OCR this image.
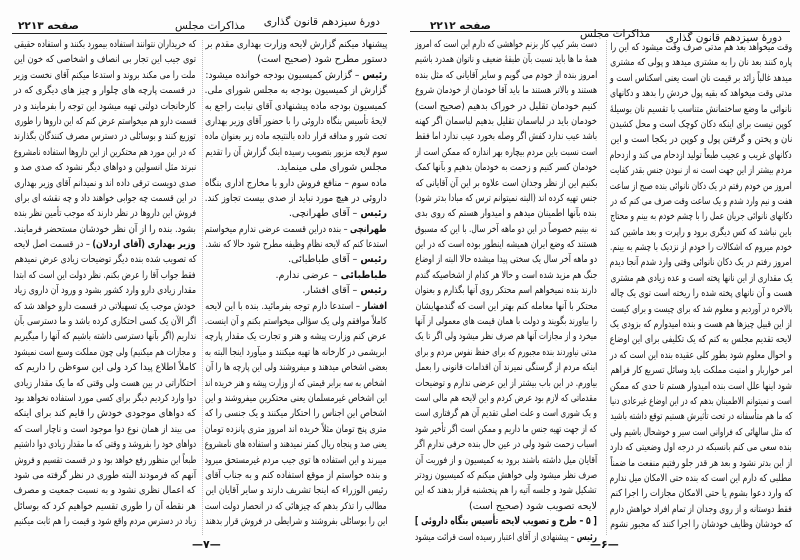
صفحه ۲۲۱۳	مذاکرات مجلس دورهٔ سیزدهم قانون گذاری
پیشنهاد میکنم گزارش لایحه وزارت بهداری مقدم بر
دستور مطرح شود (صحیح است)
رئیس – گزارش کمیسیون بودجه خوانده میشود:
گزارش از کمیسیون بودجه به مجلس شورای ملی.
کمیسیون بودجه ماده پیشنهادی آقای نیابت راجع به
لایحهٔ تأسیس بنگاه داروئی را با حضور آقای وزیر بهداری
تحت شور و مداقه قرار داده بالنتیجه ماده زیر بعنوان ماده
سوم لایحه مزبور بتصویب رسیده اینک گزارش آن را تقدیم
مجلس شورای ملی مینماید.
ماده سوم – منافع فروش دارو با مخارج اداری بنگاه
داروئی در هیچ مورد نباید از صدی بیست تجاوز کند.
رئیس – آقای طهرانچی.
طهرانچی – بنده دراین قسمت عرضی ندارم میخواستم
استدعا کنم که لایحه نظام وظیفه مطرح شود حالا که نشد.
رئیس – آقای طباطبائی.
طباطبائی – عرضی ندارم.
رئیس – آقای افشار.
افشار – استدعا دارم توجه بفرمائید. بنده با این لایحه
کاملاً موافقم ولی یک سؤالی میخواستم بکنم و آن اینست.
عرض کنم وزارت پیشه و هنر و تجارت یک مقدار پارچه
ابریشمی در کارخانه ها تهیه میکنند و میآورد اینجا البته به
بعضی اشخاص میدهند و میفروشند ولی این پارچه ها را آن
اشخاص به سه برابر قیمتی که از وزارت پیشه و هنر خریده اند
این اشخاص غیرمسلمان یعنی محتکرین میفروشند و این
اشخاص این اجناس را احتکار میکنند و یک جنسی را که
متری پنج تومان مثلاً خریده اند امروز متری پانزده تومان
یعنی صد و پنجاه ریال کمتر نمیدهند و استفاده های نامشروع
میبرند و این استفاده ها توی جیب مردم غیرمستحق میرود
و بنده خواستم از موقع استفاده کنم و به جناب آقای
رئیس الوزراء که اینجا تشریف دارند و سایر آقایان این
مطالب را تذکر بدهم که چیزهائی که در انحصار دولت است
این را بوسائلی بفروشند و شرایطی در فروش قرار بدهند
که خریداران نتوانند استفاده بیمورد بکنند و استفاده حقیقی
توی جیب این تجار بی انصاف و اشخاصی که خون این
ملت را می مکند بروند و استدعا میکنم آقای نخست وزیر
در قسمت پارچه های چلوار و چیز های دیگری که در
کارخانجات دولتی تهیه میشود این توجه را بفرمایند و در
قسمت دارو هم میخواستم عرض کنم که این داروها را طوری
توزیع کنند و بوسائلی در دسترس مصرف کنندگان بگذارند
که در این مورد هم محتکرین از این داروها استفاده نامشروع
نبرند مثل انسولین و دواهای دیگر نشود که صدی صد و
صدی دویست ترقی داده اند و نمیدانم آقای وزیر بهداری
در این قسمت چه جوابی خواهند داد و چه نقشه ای برای
فروش این داروها در نظر دارند که موجب تأمین نظر بنده
بشود. بنده را از آن نظر خودشان مستحضر فرمایند.
وزیر بهداری (آقای اردلان) – در قسمت اصل لایحه
که تصویب شده بنده دیگر توضیحات زیادی عرض نمیدهم
فقط جواب آقا را عرض بکنم. نظر دولت این است که ابتدا
مقدار زیادی دارو وارد کشور بشود و ورود آن داروی زیاد
خودش موجب یک تسهیلاتی در قسمت دارو خواهد شد که
اگر الآن یک کسی احتکاری کرده باشد و ما دسترسی بآن
نداریم (اگر بآنها دسترسی داشته باشیم که آنها را میگیریم
و مجازات هم میکنیم) ولی چون مملکت وسیع است نمیشود
کاملاً اطلاع پیدا کرد ولی این سوءظن را داریم که
احتکاراتی در بین هست ولی وقتی که ما یک مقدار زیادی
دوا وارد کردیم دیگر برای کسی مورد استفاده نخواهد بود
که دواهای موجودی خودش را قایم کند برای اینکه
می بیند از همان نوع دوا موجود است و ناچار است که
دواهای خود را بفروشد و وقتی که ما مقدار زیادی دوا داشتیم
طبعاً این منظور رفع خواهد بود و در قسمت تقسیم و فروش
آنهم که فرمودند البته طوری در نظر گرفته می شود
که اعمال نظری نشود و به نسبت جمعیت و مصرف
هر نقطه آن را طوری تقسیم خواهیم کرد که بوسائل
زیاد در دسترس مردم واقع شود و قیمت را هم ثابت میکنیم
—۷—
صفحه ۲۲۱۲
مذاکرات مجلس دورهٔ سیزدهم قانون گذاری
وقت میخواهد بعد هم مدتی صرف وقت میشود که این را
پاره کنند بعد نان را به مشتری میدهد و پولی که مشتری
میدهد غالباً زائد بر قیمت نان است یعنی اسکناس است و
مدتی وقت میخواهد که بقیه پول خردش را بدهد و دکانهای
نانوائی ما وضع ساختمانش متناسب با تقسیم نان بوسیلهٔ
کوپن نیست برای اینکه دکان کوچک است و محل کشیدن
نان و پختن و گرفتن پول و کوپن در یکجا است و این
دکانهای غریب و عجیب طبعاً تولید ازدحام می کند و ازدحام
مردم بیشتر از این جهت است نه از نبودن جنس بقدر کفایت
امروز من خودم رفتم در یک دکان نانوائی بنده صبح از ساعت
هفت و نیم وارد شدم و یک ساعت وقت صرف می کنم که در
دکانهای نانوائی جریان عمل را با چشم خودم به بینم و محتاج
باین نباشد که کس دیگری برود و راپرت و بعد ماشین کند
خودم میروم که اشکالات را خودم از نزدیک با چشم به بینم.
امروز رفتم در یک دکان نانوائی وقتی وارد شدم آنجا دیدم
یک مقداری از این نانها پخته است و عده زیادی هم مشتری
هست و آن نانهای پخته شده را ریخته است توی یک چاله
بالاخره در آوردیم و معلوم شد که برای چیست و برای کیست
از این قبیل چیزها هم هست و بنده امیدوارم که بزودی یک
لایحه تقدیم مجلس به کنم که یک تکلیفی برای این اوضاع
و احوال معلوم شود بطور کلی عقیده بنده این است که در
امر خواربار و امنیت مملکت باید وسائل تسریع کار فراهم
شود اینها علل است بنده امیدوار هستم تا حدی که ممکن
است و نمیتوانم الاطمینان بدهم که در این اوضاع غیرعادی دنیا
که ما هم متأسفانه در تحت تأثیرش هستیم توقع داشته باشید
که مثل سالهائی که فراوانی است سیر و خوشحال باشیم ولی
بنده سعی می کنم بانسبکه در درجه اول وضعیتی که دارد
از این بدتر نشود و بعد هر قدر جلو رفتیم منفعت ما ضمناً
مطلبی که دارم این است که بنده حتی الامکان میل ندارم
که وارد دعوا بشوم یا حتی الامکان مجازات را اجرا کنم
فقط دوستانه و از روی وجدان از تمام افراد خواهش دارم
که خودشان وظایف خودشان را اجرا کنند که مجبور نشوم
دست بشر کیپ کار بزنم خواهشی که دارم این است که امروز
همهٔ ما ها باید نسبت بآن طبقهٔ ضعیف و ناتوان همدرد باشیم
امروز بنده از خودم می گویم و سایر آقایانی که مثل بنده
هستند و بالاتر هستند ما باید آقا خودمان از خودمان شروع
کنیم خودمان تقلیل در خوراک بدهیم (صحیح است)
خودمان باید در لباسمان تقلیل بدهیم لباسمان اگر کهنه
باشد عیب ندارد کفش اگر وصله بخورد عیب ندارد اما فقط
است نسبت باین مردم بیچاره بهر اندازه که ممکن است از
خودمان کسر کنیم و زحمت به خودمان بدهیم و بآنها کمک
بکنیم این از نظر وجدان است علاوه بر این آن آقایانی که
جنس تهیه کرده اند (البته نمیتوانم ترس که مبادا بدتر شود)
بنده بآنها اطمینان میدهم و امیدوار هستم که روی بدی
نه بینیم خصوصاً در این دو ماهه آخر سال. با این که مسبوق
هستند که وضع ایران همیشه اینطور بوده است که در این
دو ماهه آخر سال یک سختی پیدا میشده حالا البته از اوضاع
جنگ هم مزید شده است و حالا هر کدام از اشخاصیکه گندم
دارند بنده نمیخواهم اسم محتکر روی آنها بگذارم و بعنوان
محتکر با آنها معامله کنم بهتر این است که گندمهایشان
را بیاورند بگویند و دولت با همان قیمت های معمولی از آنها
میخرد و از مجازات آنها هم صرف نظر میشود ولی اگر تا یک
مدتی نیاوردند بنده مجبورم که برای حفظ نفوس مردم و برای
اینکه مردم از گرسنگی نمیرند آن اقدامات قانونی را بعمل
بیاورم. در این باب بیشتر از این عرضی ندارم و توضیحات
مقدماتی که لازم بود عرض کردم و این لایحه هم مالی است
و یک شوری است و علت اصلی تقدیم آن هم گرفتاری است
که از جهت تهیه جنس ما داریم و ممکن است اگر تأخیر شود
اسباب زحمت شود ولی در عین حال بنده حرفی ندارم اگر
آقایان میل داشته باشند برود به کمیسیون و از فوریت آن
صرف نظر میشود ولی خواهش میکنم که کمیسیون زودتر
تشکیل شود و جلسه آتیه را هم پنجشنبه قرار بدهند که این
لایحه تصویب شود (صحیح است)
[ ۵ – طرح و تصویب لایحه تأسیس بنگاه داروئی ]
رئیس – پیشنهادی از آقای اعتبار رسیده است قرائت میشود
—۶—
